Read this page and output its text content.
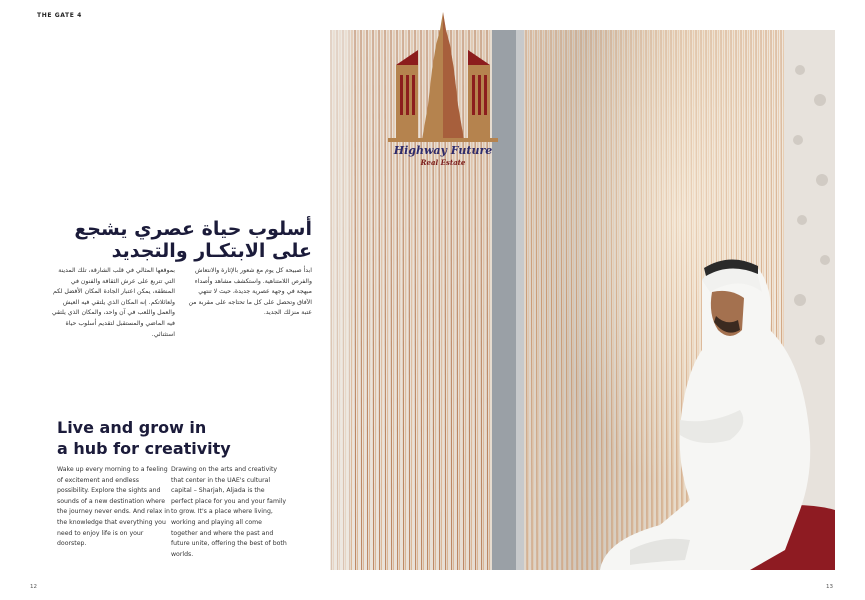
THE GATE 4
أسلوب حياة عصري يشجع على الابتكـار والتجديد
ابدأ صبيحة كل يوم مع شعور بالإثارة والانتعاش والفرص اللامتناهية. واستكشف مشاهد وأصداء مبهجة في وجهة عصرية جديدة، حيث لا تنتهي الآفاق وتحصل على كل ما تحتاجه على مقربة من عتبة منزلك الجديد.
بموقعها المثالي في قلب الشارقة، تلك المدينة التي تتربع على عرش الثقافة والفنون في المنطقة، يمكن اعتبار الجادة المكان الأفضل لكم ولعائلاتكم. إنه المكان الذي يلتقي فيه العيش والعمل واللعب في آن واحد، والمكان الذي يلتقي فيه الماضي والمستقبل لتقديم أسلوب حياة استثنائي.
Live and grow in
a hub for creativity
Wake up every morning to a feeling of excitement and endless possibility. Explore the sights and sounds of a new destination where the journey never ends. And relax in the knowledge that everything you need to enjoy life is on your doorstep.
Drawing on the arts and creativity that center in the UAE's cultural capital – Sharjah, Aljada is the perfect place for you and your family to grow. It's a place where living, working and playing all come together and where the past and future unite, offering the best of both worlds.
Highway Future
Real Estate
12	13
